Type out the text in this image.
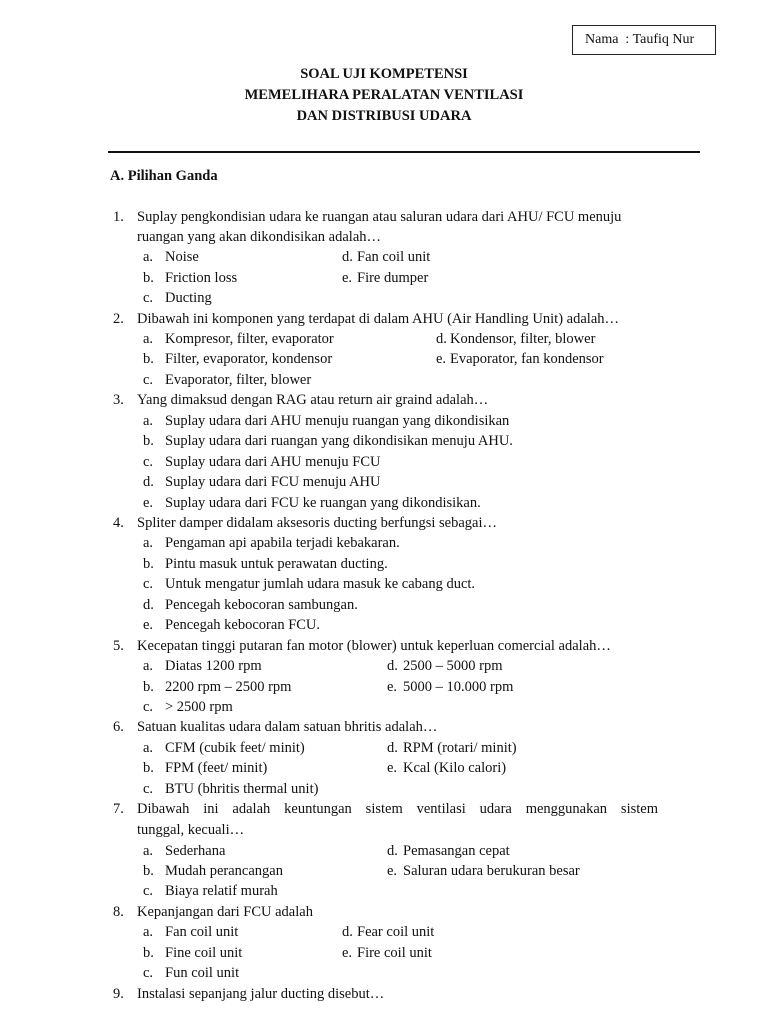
Nama  : Taufiq Nur
SOAL UJI KOMPETENSI
MEMELIHARA PERALATAN VENTILASI
DAN DISTRIBUSI UDARA
A. Pilihan Ganda
1. Suplay pengkondisian udara ke ruangan atau saluran udara dari AHU/ FCU menuju
ruangan yang akan dikondisikan adalah…
a. Noise
b. Friction loss
c. Ducting
d. Fan coil unit
e. Fire dumper
2. Dibawah ini komponen yang terdapat di dalam AHU (Air Handling Unit) adalah…
a. Kompresor, filter, evaporator
b. Filter, evaporator, kondensor
c. Evaporator, filter, blower
d. Kondensor, filter, blower
e. Evaporator, fan kondensor
3. Yang dimaksud dengan RAG atau return air graind adalah…
a. Suplay udara dari AHU menuju ruangan yang dikondisikan
b. Suplay udara dari ruangan yang dikondisikan menuju AHU.
c. Suplay udara dari AHU menuju FCU
d. Suplay udara dari FCU menuju AHU
e. Suplay udara dari FCU ke ruangan yang dikondisikan.
4. Spliter damper didalam aksesoris ducting berfungsi sebagai…
a. Pengaman api apabila terjadi kebakaran.
b. Pintu masuk untuk perawatan ducting.
c. Untuk mengatur jumlah udara masuk ke cabang duct.
d. Pencegah kebocoran sambungan.
e. Pencegah kebocoran FCU.
5. Kecepatan tinggi putaran fan motor (blower) untuk keperluan comercial adalah…
a. Diatas 1200 rpm
b. 2200 rpm – 2500 rpm
c. > 2500 rpm
d. 2500 – 5000 rpm
e. 5000 – 10.000 rpm
6. Satuan kualitas udara dalam satuan bhritis adalah…
a. CFM (cubik feet/ minit)
b. FPM (feet/ minit)
c. BTU (bhritis thermal unit)
d. RPM (rotari/ minit)
e. Kcal (Kilo calori)
7. Dibawah ini adalah keuntungan sistem ventilasi udara menggunakan sistem
tunggal, kecuali…
a. Sederhana
b. Mudah perancangan
c. Biaya relatif murah
d. Pemasangan cepat
e. Saluran udara berukuran besar
8. Kepanjangan dari FCU adalah
a. Fan coil unit
b. Fine coil unit
c. Fun coil unit
d. Fear coil unit
e. Fire coil unit
9. Instalasi sepanjang jalur ducting disebut…
